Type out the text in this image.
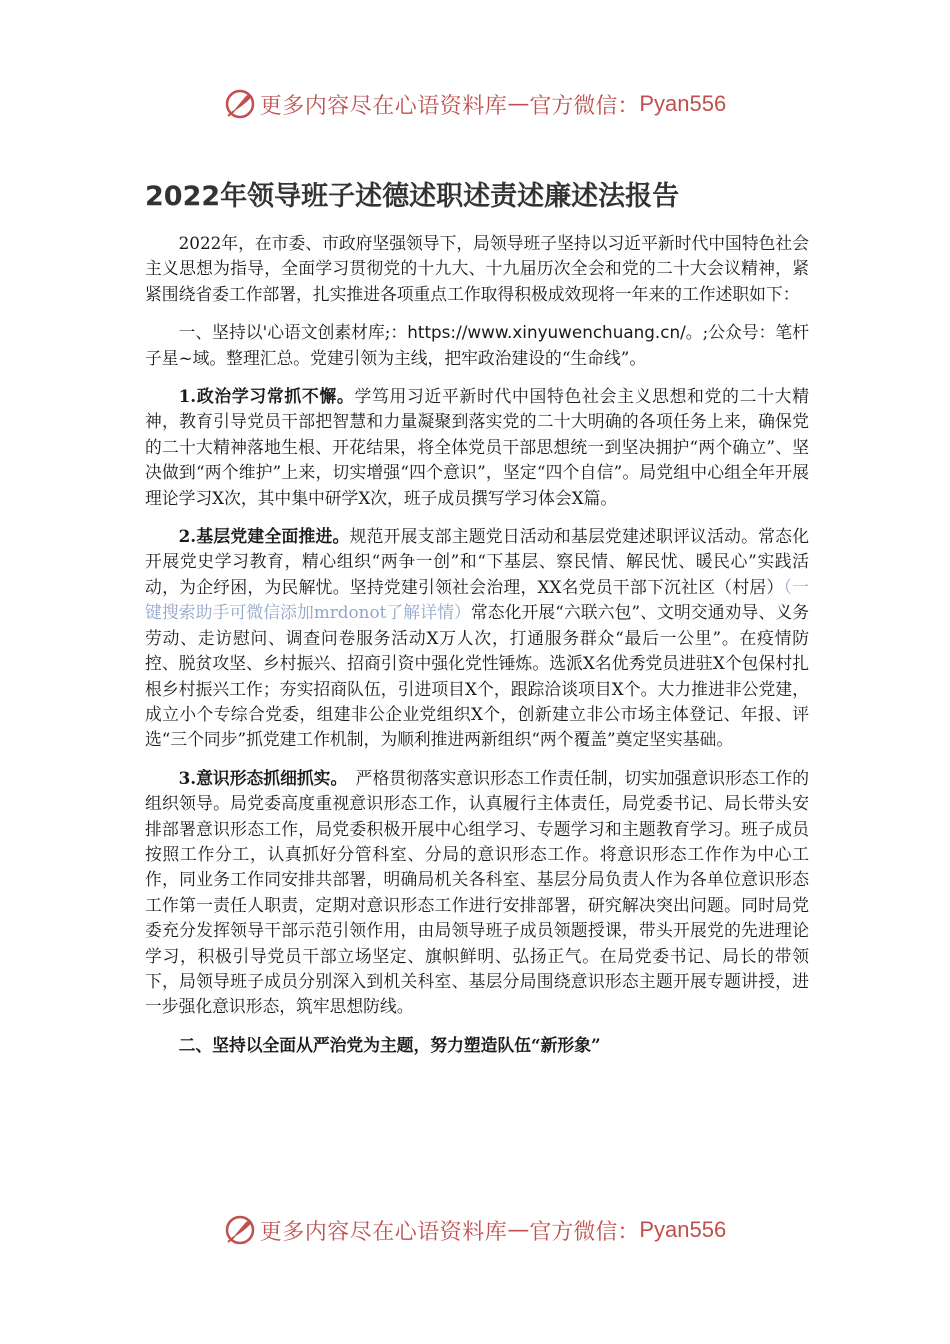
更多内容尽在心语资料库 — 官方微信： Pyan556
2022年领导班子述德述职述责述廉述法报告

2022年，在市委、市政府坚强领导下，局领导班子坚持以习近平新时代中国特色社会主义思想为指导，全面学习贯彻党的十九大、十九届历次全会和党的二十大会议精神，紧紧围绕省委工作部署，扎实推进各项重点工作取得积极成效现将一年来的工作述职如下：

一、坚持以'心语文创素材库;：https://www.xinyuwenchuang.cn/。;公众号：笔杆子星~域。整理汇总。党建引领为主线，把牢政治建设的“生命线”。

1.政治学习常抓不懈。学笃用习近平新时代中国特色社会主义思想和党的二十大精神，教育引导党员干部把智慧和力量凝聚到落实党的二十大明确的各项任务上来，确保党的二十大精神落地生根、开花结果，将全体党员干部思想统一到坚决拥护“两个确立”、坚决做到“两个维护”上来，切实增强“四个意识”，坚定“四个自信”。局党组中心组全年开展理论学习X次，其中集中研学X次，班子成员撰写学习体会X篇。

2.基层党建全面推进。规范开展支部主题党日活动和基层党建述职评议活动。常态化开展党史学习教育，精心组织“两争一创”和“下基层、察民情、解民忧、暖民心”实践活动，为企纾困，为民解忧。坚持党建引领社会治理，XX名党员干部下沉社区（村居）（一键搜索助手可微信添加mrdonot了解详情）常态化开展“六联六包”、文明交通劝导、义务劳动、走访慰问、调查问卷服务活动X万人次，打通服务群众“最后一公里”。在疫情防控、脱贫攻坚、乡村振兴、招商引资中强化党性锤炼。选派X名优秀党员进驻X个包保村扎根乡村振兴工作；夯实招商队伍，引进项目X个，跟踪洽谈项目X个。大力推进非公党建，成立小个专综合党委，组建非公企业党组织X个，创新建立非公市场主体登记、年报、评选“三个同步”抓党建工作机制，为顺利推进两新组织“两个覆盖”奠定坚实基础。

3.意识形态抓细抓实。　严格贯彻落实意识形态工作责任制，切实加强意识形态工作的组织领导。局党委高度重视意识形态工作，认真履行主体责任，局党委书记、局长带头安排部署意识形态工作，局党委积极开展中心组学习、专题学习和主题教育学习。班子成员按照工作分工，认真抓好分管科室、分局的意识形态工作。将意识形态工作作为中心工作，同业务工作同安排共部署，明确局机关各科室、基层分局负责人作为各单位意识形态工作第一责任人职责，定期对意识形态工作进行安排部署，研究解决突出问题。同时局党委充分发挥领导干部示范引领作用，由局领导班子成员领题授课，带头开展党的先进理论学习，积极引导党员干部立场坚定、旗帜鲜明、弘扬正气。在局党委书记、局长的带领下，局领导班子成员分别深入到机关科室、基层分局围绕意识形态主题开展专题讲授，进一步强化意识形态，筑牢思想防线。

二、坚持以全面从严治党为主题，努力塑造队伍“新形象”

更多内容尽在心语资料库 — 官方微信： Pyan556
